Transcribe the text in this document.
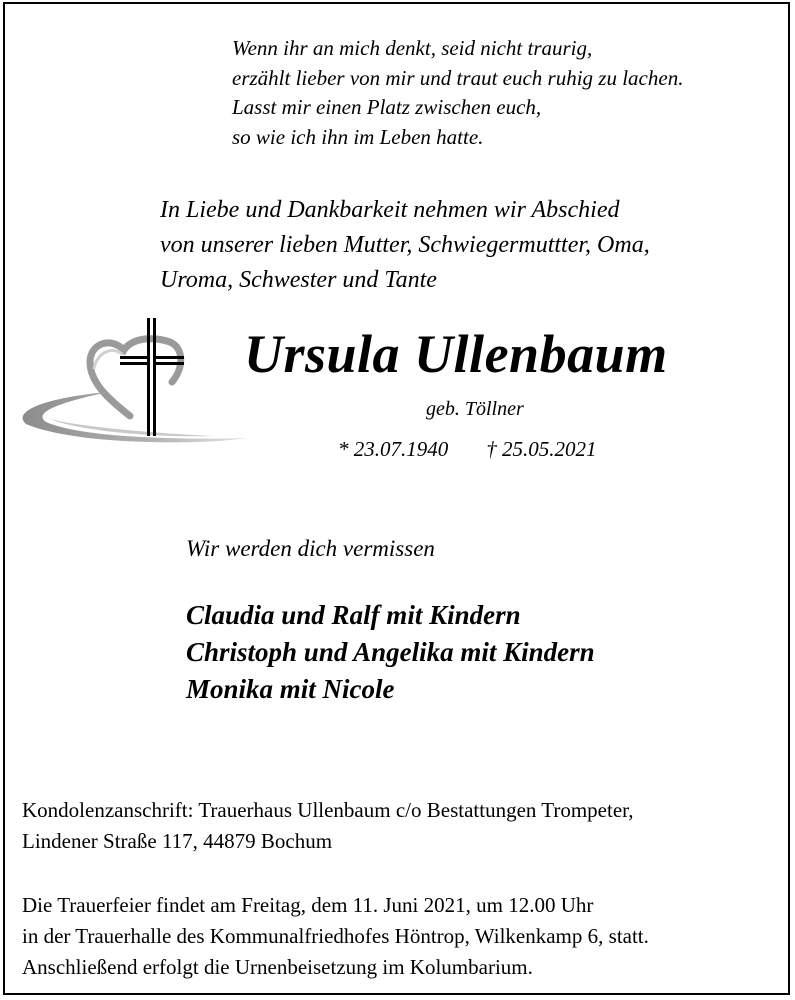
Wenn ihr an mich denkt, seid nicht traurig,
erzählt lieber von mir und traut euch ruhig zu lachen.
Lasst mir einen Platz zwischen euch,
so wie ich ihn im Leben hatte.
In Liebe und Dankbarkeit nehmen wir Abschied
von unserer lieben Mutter, Schwiegermuttter, Oma,
Uroma, Schwester und Tante
Ursula Ullenbaum
geb. Töllner
* 23.07.1940 † 25.05.2021
Wir werden dich vermissen
Claudia und Ralf mit Kindern
Christoph und Angelika mit Kindern
Monika mit Nicole
Kondolenzanschrift: Trauerhaus Ullenbaum c/o Bestattungen Trompeter,
Lindener Straße 117, 44879 Bochum
Die Trauerfeier findet am Freitag, dem 11. Juni 2021, um 12.00 Uhr
in der Trauerhalle des Kommunalfriedhofes Höntrop, Wilkenkamp 6, statt.
Anschließend erfolgt die Urnenbeisetzung im Kolumbarium.
